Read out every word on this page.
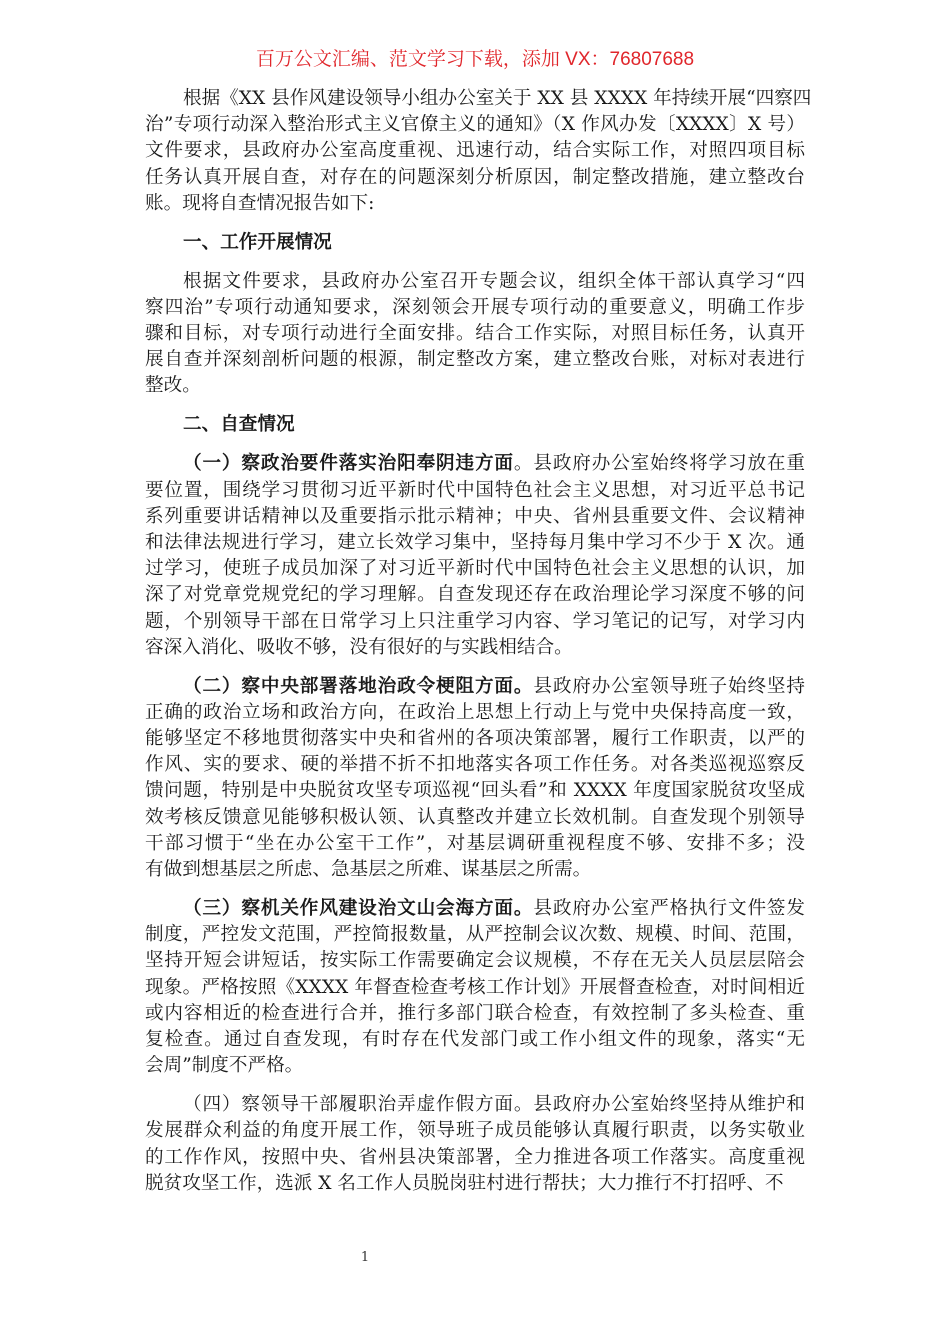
百万公文汇编、范文学习下载，添加 VX：76807688
根据《XX 县作风建设领导小组办公室关于 XX 县 XXXX 年持续开展“四察四
治”专项行动深入整治形式主义官僚主义的通知》（X 作风办发〔XXXX〕X 号）
文件要求，县政府办公室高度重视、迅速行动，结合实际工作，对照四项目标
任务认真开展自查，对存在的问题深刻分析原因，制定整改措施，建立整改台
账。现将自查情况报告如下:
一、工作开展情况
根据文件要求，县政府办公室召开专题会议，组织全体干部认真学习“四
察四治”专项行动通知要求，深刻领会开展专项行动的重要意义，明确工作步
骤和目标，对专项行动进行全面安排。结合工作实际，对照目标任务，认真开
展自查并深刻剖析问题的根源，制定整改方案，建立整改台账，对标对表进行
整改。
二、自查情况
（一）察政治要件落实治阳奉阴违方面。县政府办公室始终将学习放在重
要位置，围绕学习贯彻习近平新时代中国特色社会主义思想，对习近平总书记
系列重要讲话精神以及重要指示批示精神；中央、省州县重要文件、会议精神
和法律法规进行学习，建立长效学习集中，坚持每月集中学习不少于 X 次。通
过学习，使班子成员加深了对习近平新时代中国特色社会主义思想的认识，加
深了对党章党规党纪的学习理解。自查发现还存在政治理论学习深度不够的问
题，个别领导干部在日常学习上只注重学习内容、学习笔记的记写，对学习内
容深入消化、吸收不够，没有很好的与实践相结合。
（二）察中央部署落地治政令梗阻方面。县政府办公室领导班子始终坚持
正确的政治立场和政治方向，在政治上思想上行动上与党中央保持高度一致，
能够坚定不移地贯彻落实中央和省州的各项决策部署，履行工作职责，以严的
作风、实的要求、硬的举措不折不扣地落实各项工作任务。对各类巡视巡察反
馈问题，特别是中央脱贫攻坚专项巡视“回头看”和 XXXX 年度国家脱贫攻坚成
效考核反馈意见能够积极认领、认真整改并建立长效机制。自查发现个别领导
干部习惯于“坐在办公室干工作”，对基层调研重视程度不够、安排不多；没
有做到想基层之所虑、急基层之所难、谋基层之所需。
（三）察机关作风建设治文山会海方面。县政府办公室严格执行文件签发
制度，严控发文范围，严控简报数量，从严控制会议次数、规模、时间、范围，
坚持开短会讲短话，按实际工作需要确定会议规模，不存在无关人员层层陪会
现象。严格按照《XXXX 年督查检查考核工作计划》开展督查检查，对时间相近
或内容相近的检查进行合并，推行多部门联合检查，有效控制了多头检查、重
复检查。通过自查发现，有时存在代发部门或工作小组文件的现象，落实“无
会周”制度不严格。
（四）察领导干部履职治弄虚作假方面。县政府办公室始终坚持从维护和
发展群众利益的角度开展工作，领导班子成员能够认真履行职责，以务实敬业
的工作作风，按照中央、省州县决策部署，全力推进各项工作落实。高度重视
脱贫攻坚工作，选派 X 名工作人员脱岗驻村进行帮扶；大力推行不打招呼、不
1
